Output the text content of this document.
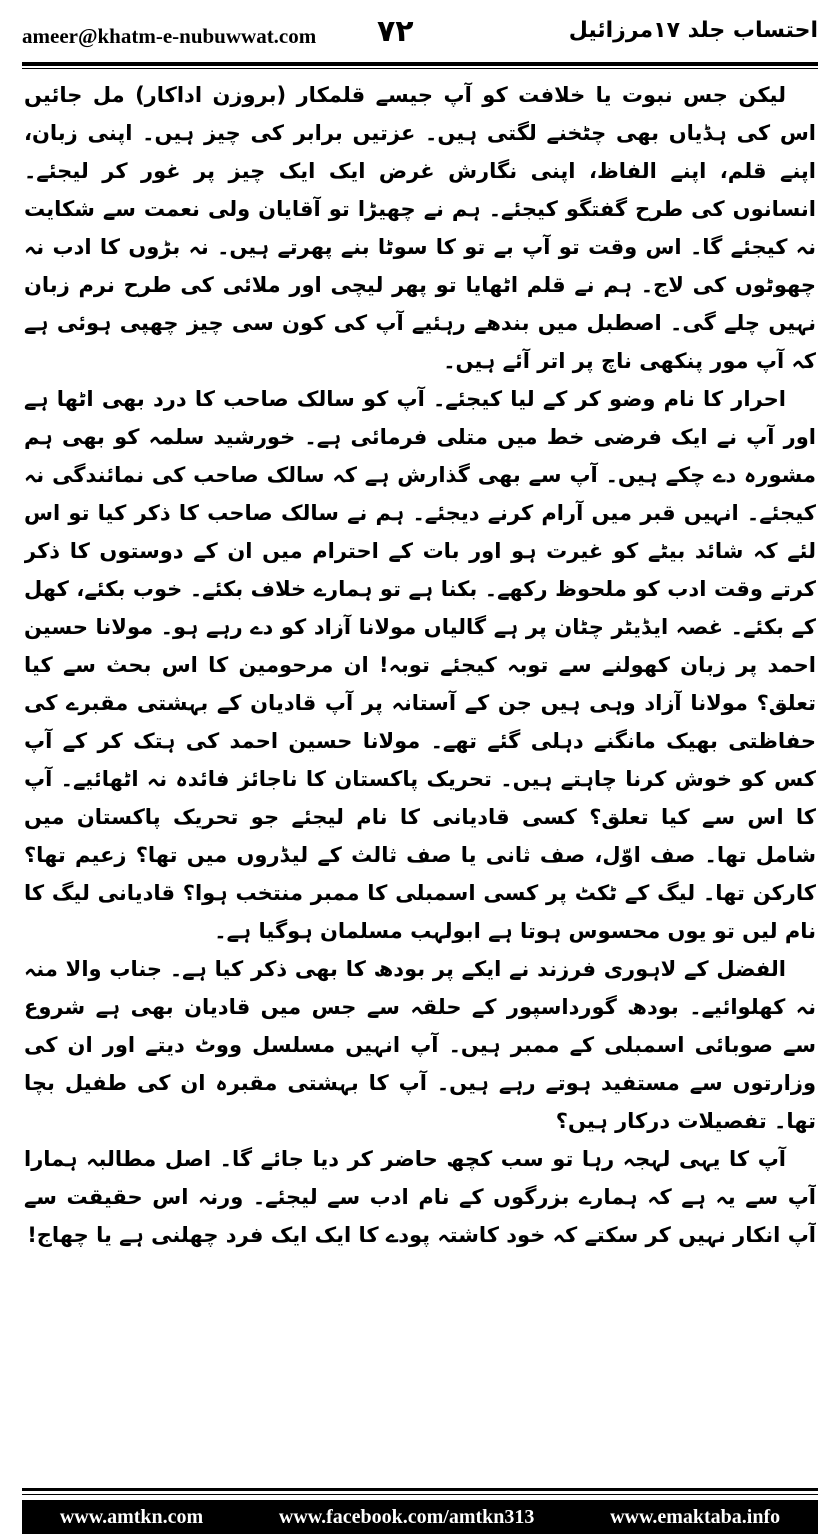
ameer@khatm-e-nubuwwat.com ۷۲	احتساب جلد ۱۷مرزائیل

لیکن جس نبوت یا خلافت کو آپ جیسے قلمکار (بروزن اداکار) مل جائیں اس کی ہڈیاں بھی چٹخنے لگتی ہیں۔ عزتیں برابر کی چیز ہیں۔ اپنی زبان، اپنے قلم، اپنے الفاظ، اپنی نگارش غرض ایک ایک چیز پر غور کر لیجئے۔ انسانوں کی طرح گفتگو کیجئے۔ ہم نے چھیڑا تو آقایان ولی نعمت سے شکایت نہ کیجئے گا۔ اس وقت تو آپ بے تو کا سوٹا بنے پھرتے ہیں۔ نہ بڑوں کا ادب نہ چھوٹوں کی لاج۔ ہم نے قلم اٹھایا تو پھر لیچی اور ملائی کی طرح نرم زبان نہیں چلے گی۔ اصطبل میں بندھے رہئیے آپ کی کون سی چیز چھپی ہوئی ہے کہ آپ مور پنکھی ناچ پر اتر آئے ہیں۔

احرار کا نام وضو کر کے لیا کیجئے۔ آپ کو سالک صاحب کا درد بھی اٹھا ہے اور آپ نے ایک فرضی خط میں متلی فرمائی ہے۔ خورشید سلمہ کو بھی ہم مشورہ دے چکے ہیں۔ آپ سے بھی گذارش ہے کہ سالک صاحب کی نمائندگی نہ کیجئے۔ انہیں قبر میں آرام کرنے دیجئے۔ ہم نے سالک صاحب کا ذکر کیا تو اس لئے کہ شائد بیٹے کو غیرت ہو اور بات کے احترام میں ان کے دوستوں کا ذکر کرتے وقت ادب کو ملحوظ رکھے۔ بکنا ہے تو ہمارے خلاف بکئے۔ خوب بکئے، کھل کے بکئے۔ غصہ ایڈیٹر چٹان پر ہے گالیاں مولانا آزاد کو دے رہے ہو۔ مولانا حسین احمد پر زبان کھولنے سے توبہ کیجئے توبہ! ان مرحومین کا اس بحث سے کیا تعلق؟ مولانا آزاد وہی ہیں جن کے آستانہ پر آپ قادیان کے بہشتی مقبرے کی حفاظتی بھیک مانگنے دہلی گئے تھے۔ مولانا حسین احمد کی ہتک کر کے آپ کس کو خوش کرنا چاہتے ہیں۔ تحریک پاکستان کا ناجائز فائدہ نہ اٹھائیے۔ آپ کا اس سے کیا تعلق؟ کسی قادیانی کا نام لیجئے جو تحریک پاکستان میں شامل تھا۔ صف اوّل، صف ثانی یا صف ثالث کے لیڈروں میں تھا؟ زعیم تھا؟ کارکن تھا۔ لیگ کے ٹکٹ پر کسی اسمبلی کا ممبر منتخب ہوا؟ قادیانی لیگ کا نام لیں تو یوں محسوس ہوتا ہے ابولہب مسلمان ہوگیا ہے۔

الفضل کے لاہوری فرزند نے ایکے پر بودھ کا بھی ذکر کیا ہے۔ جناب والا منہ نہ کھلوائیے۔ بودھ گورداسپور کے حلقہ سے جس میں قادیان بھی ہے شروع سے صوبائی اسمبلی کے ممبر ہیں۔ آپ انہیں مسلسل ووٹ دیتے اور ان کی وزارتوں سے مستفید ہوتے رہے ہیں۔ آپ کا بہشتی مقبرہ ان کی طفیل بچا تھا۔ تفصیلات درکار ہیں؟

آپ کا یہی لہجہ رہا تو سب کچھ حاضر کر دیا جائے گا۔ اصل مطالبہ ہمارا آپ سے یہ ہے کہ ہمارے بزرگوں کے نام ادب سے لیجئے۔ ورنہ اس حقیقت سے آپ انکار نہیں کر سکتے کہ خود کاشتہ پودے کا ایک ایک فرد چھلنی ہے یا چھاج!

www.amtkn.com	www.facebook.com/amtkn313	www.emaktaba.info
